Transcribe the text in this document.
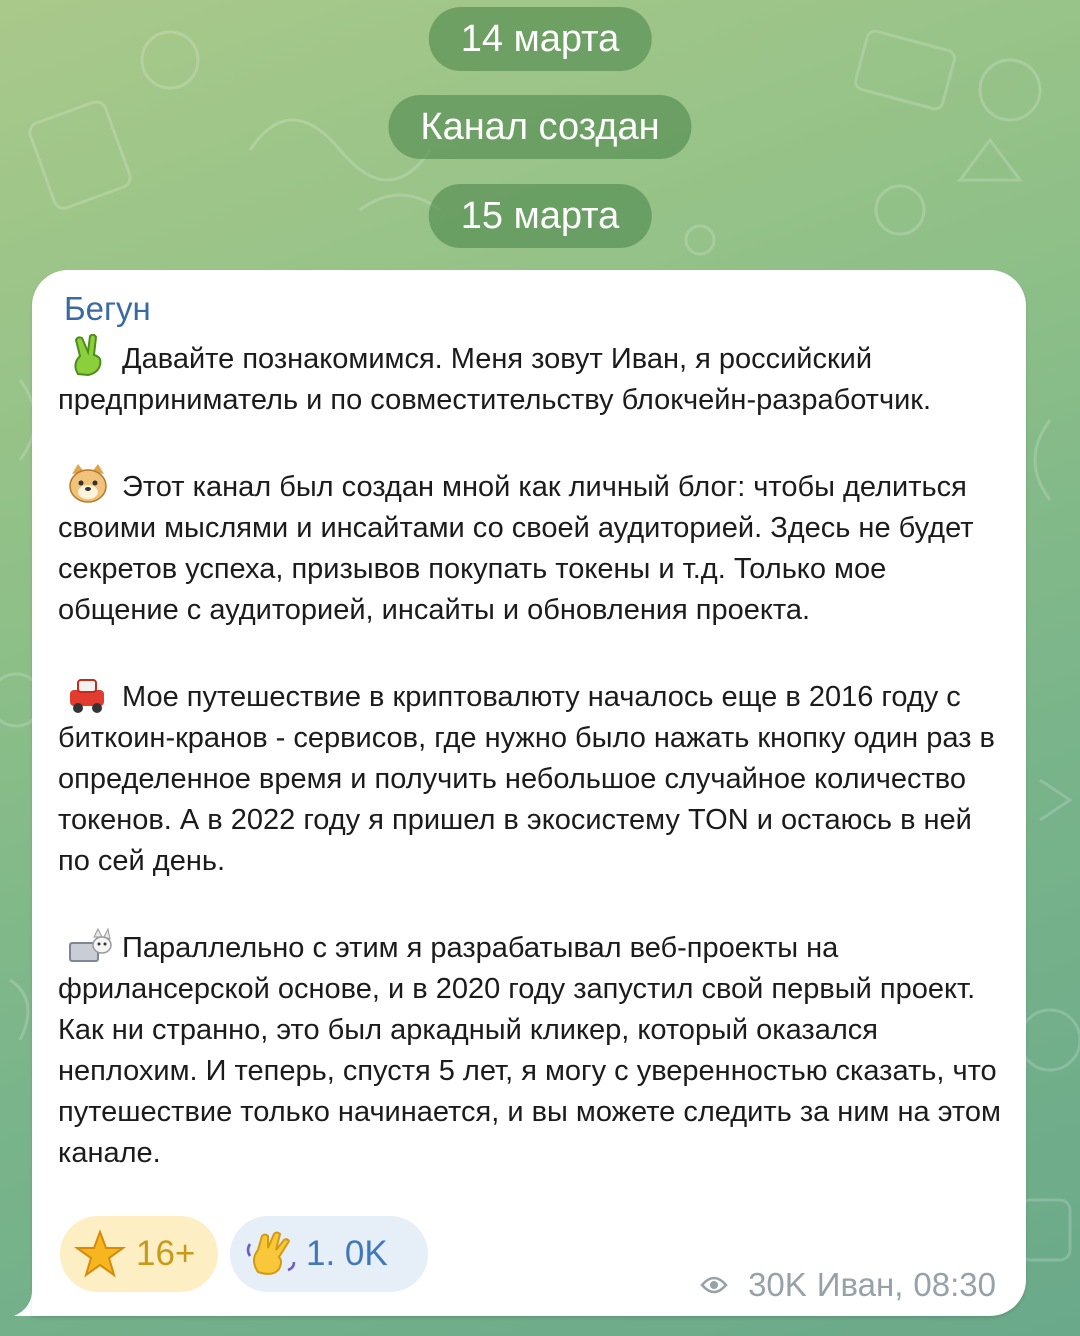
14 марта
Канал создан
15 марта
Бегун

Давайте познакомимся. Меня зовут Иван, я российский предприниматель и по совместительству блокчейн-разработчик.

Этот канал был создан мной как личный блог: чтобы делиться своими мыслями и инсайтами со своей аудиторией. Здесь не будет секретов успеха, призывов покупать токены и т.д. Только мое общение с аудиторией, инсайты и обновления проекта.

Мое путешествие в криптовалюту началось еще в 2016 году с биткоин-кранов - сервисов, где нужно было нажать кнопку один раз в определенное время и получить небольшое случайное количество токенов. А в 2022 году я пришел в экосистему TON и остаюсь в ней по сей день.

Параллельно с этим я разрабатывал веб-проекты на фрилансерской основе, и в 2020 году запустил свой первый проект. Как ни странно, это был аркадный кликер, который оказался неплохим. И теперь, спустя 5 лет, я могу с уверенностью сказать, что путешествие только начинается, и вы можете следить за ним на этом канале.

16+	1. 0K
30K Иван, 08:30
